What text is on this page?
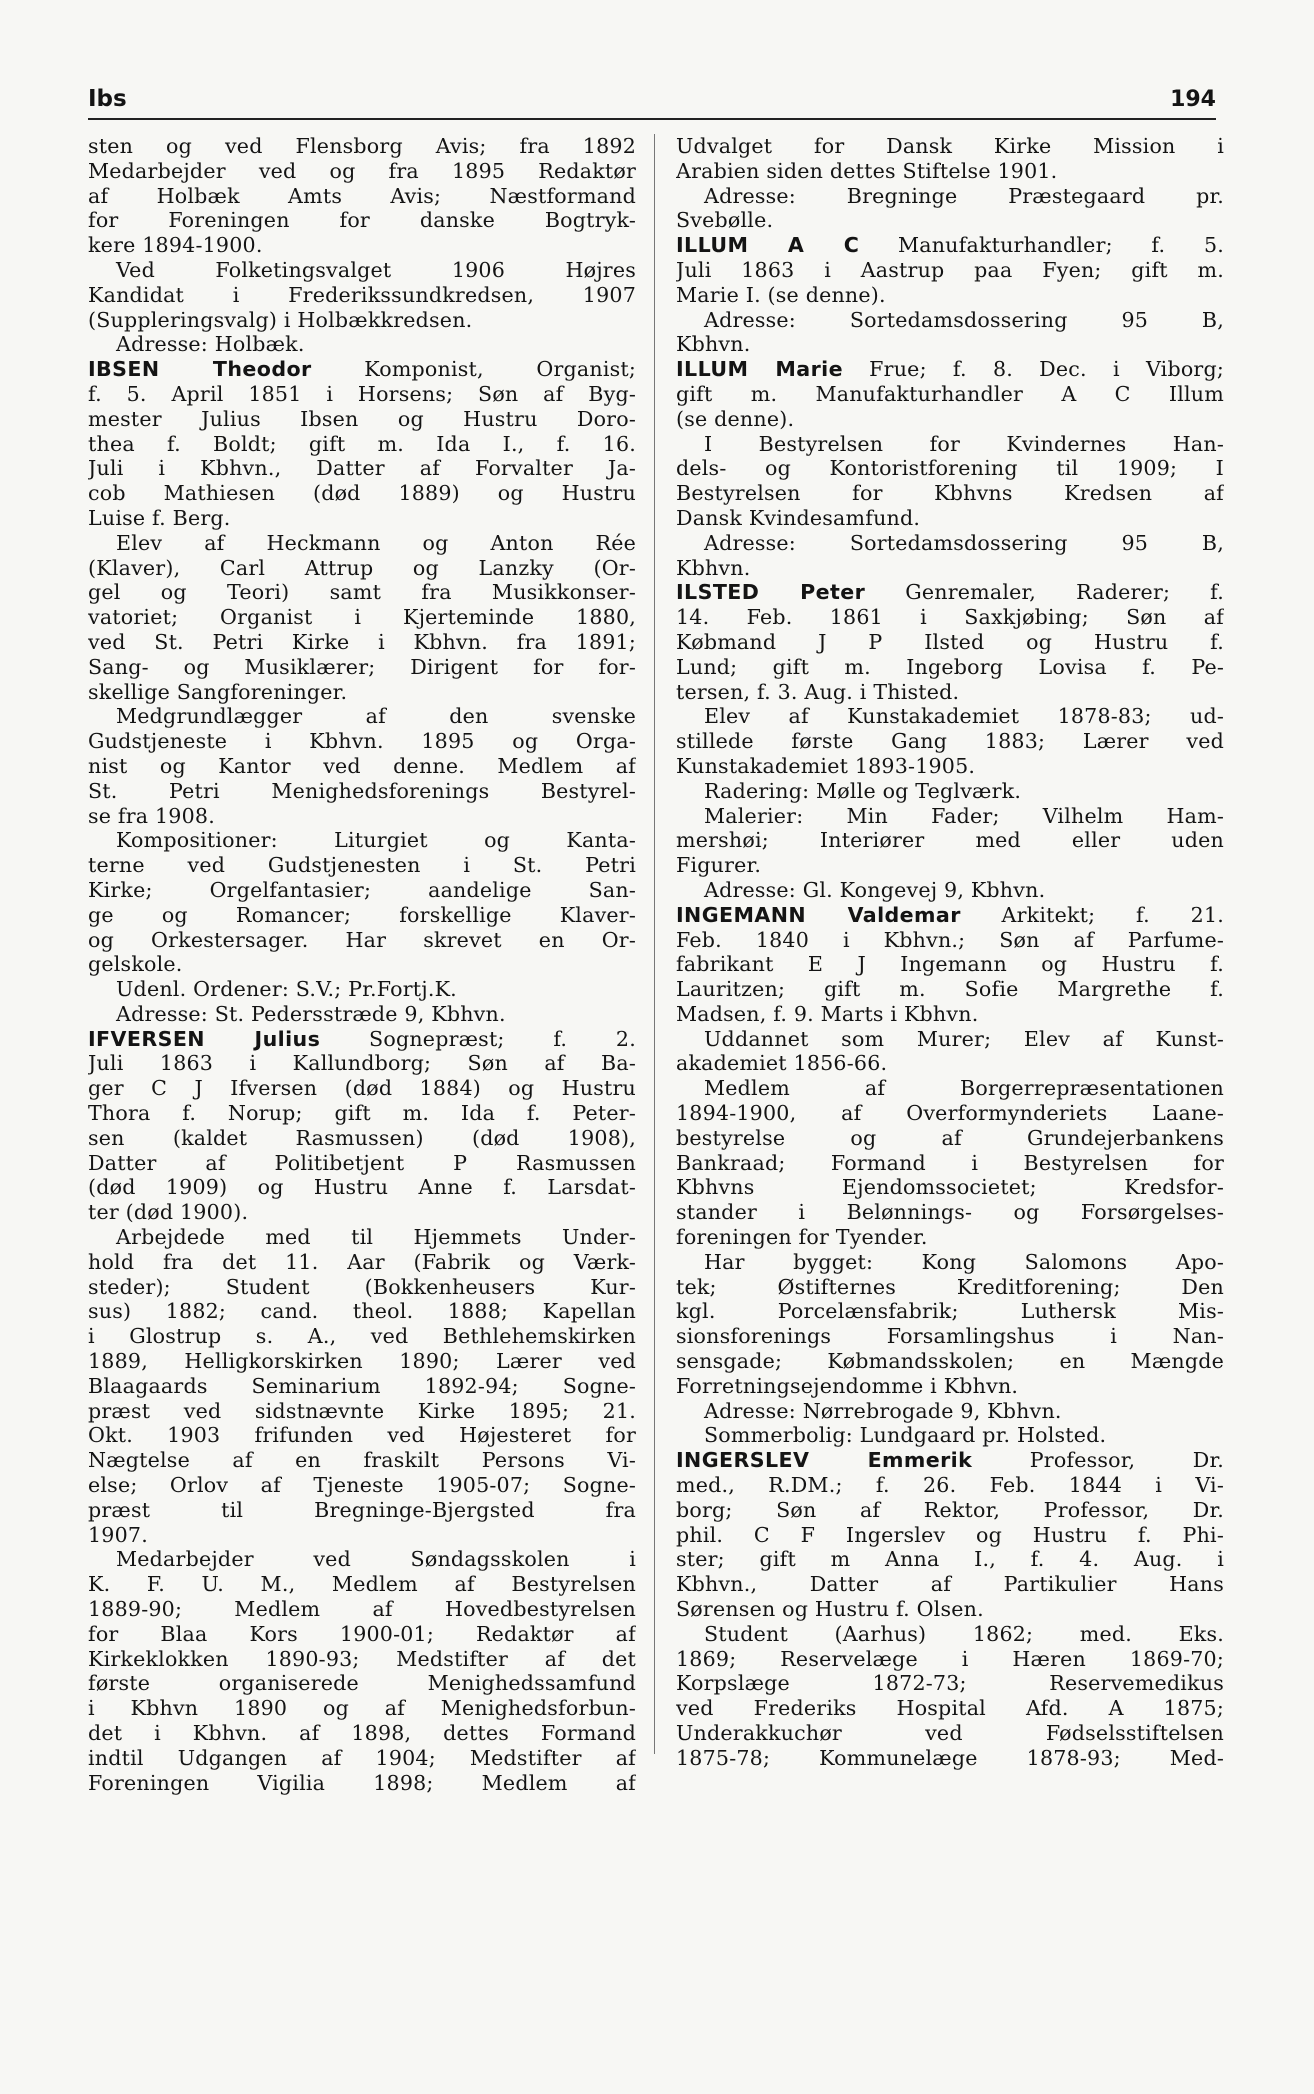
Ibs	194
sten og ved Flensborg Avis; fra 1892
Medarbejder ved og fra 1895 Redaktør
af Holbæk Amts Avis; Næstformand
for Foreningen for danske Bogtryk-
kere 1894-1900.
Ved Folketingsvalget 1906 Højres
Kandidat i Frederikssundkredsen, 1907
(Suppleringsvalg) i Holbækkredsen.
Adresse: Holbæk.
IBSEN Theodor Komponist, Organist;
f. 5. April 1851 i Horsens; Søn af Byg-
mester Julius Ibsen og Hustru Doro-
thea f. Boldt; gift m. Ida I., f. 16.
Juli i Kbhvn., Datter af Forvalter Ja-
cob Mathiesen (død 1889) og Hustru
Luise f. Berg.
Elev af Heckmann og Anton Rée
(Klaver), Carl Attrup og Lanzky (Or-
gel og Teori) samt fra Musikkonser-
vatoriet; Organist i Kjerteminde 1880,
ved St. Petri Kirke i Kbhvn. fra 1891;
Sang- og Musiklærer; Dirigent for for-
skellige Sangforeninger.
Medgrundlægger af den svenske
Gudstjeneste i Kbhvn. 1895 og Orga-
nist og Kantor ved denne. Medlem af
St. Petri Menighedsforenings Bestyrel-
se fra 1908.
Kompositioner: Liturgiet og Kanta-
terne ved Gudstjenesten i St. Petri
Kirke; Orgelfantasier; aandelige San-
ge og Romancer; forskellige Klaver-
og Orkestersager. Har skrevet en Or-
gelskole.
Udenl. Ordener: S.V.; Pr.Fortj.K.
Adresse: St. Pedersstræde 9, Kbhvn.
IFVERSEN Julius Sognepræst; f. 2.
Juli 1863 i Kallundborg; Søn af Ba-
ger C J Ifversen (død 1884) og Hustru
Thora f. Norup; gift m. Ida f. Peter-
sen (kaldet Rasmussen) (død 1908),
Datter af Politibetjent P Rasmussen
(død 1909) og Hustru Anne f. Larsdat-
ter (død 1900).
Arbejdede med til Hjemmets Under-
hold fra det 11. Aar (Fabrik og Værk-
steder); Student (Bokkenheusers Kur-
sus) 1882; cand. theol. 1888; Kapellan
i Glostrup s. A., ved Bethlehemskirken
1889, Helligkorskirken 1890; Lærer ved
Blaagaards Seminarium 1892-94; Sogne-
præst ved sidstnævnte Kirke 1895; 21.
Okt. 1903 frifunden ved Højesteret for
Nægtelse af en fraskilt Persons Vi-
else; Orlov af Tjeneste 1905-07; Sogne-
præst til Bregninge-Bjergsted fra
1907.
Medarbejder ved Søndagsskolen i
K. F. U. M., Medlem af Bestyrelsen
1889-90; Medlem af Hovedbestyrelsen
for Blaa Kors 1900-01; Redaktør af
Kirkeklokken 1890-93; Medstifter af det
første organiserede Menighedssamfund
i Kbhvn 1890 og af Menighedsforbun-
det i Kbhvn. af 1898, dettes Formand
indtil Udgangen af 1904; Medstifter af
Foreningen Vigilia 1898; Medlem af
Udvalget for Dansk Kirke Mission i
Arabien siden dettes Stiftelse 1901.
Adresse: Bregninge Præstegaard pr.
Svebølle.
ILLUM A C Manufakturhandler; f. 5.
Juli 1863 i Aastrup paa Fyen; gift m.
Marie I. (se denne).
Adresse: Sortedamsdossering 95 B,
Kbhvn.
ILLUM Marie Frue; f. 8. Dec. i Viborg;
gift m. Manufakturhandler A C Illum
(se denne).
I Bestyrelsen for Kvindernes Han-
dels- og Kontoristforening til 1909; I
Bestyrelsen for Kbhvns Kredsen af
Dansk Kvindesamfund.
Adresse: Sortedamsdossering 95 B,
Kbhvn.
ILSTED Peter Genremaler, Raderer; f.
14. Feb. 1861 i Saxkjøbing; Søn af
Købmand J P Ilsted og Hustru f.
Lund; gift m. Ingeborg Lovisa f. Pe-
tersen, f. 3. Aug. i Thisted.
Elev af Kunstakademiet 1878-83; ud-
stillede første Gang 1883; Lærer ved
Kunstakademiet 1893-1905.
Radering: Mølle og Teglværk.
Malerier: Min Fader; Vilhelm Ham-
mershøi; Interiører med eller uden
Figurer.
Adresse: Gl. Kongevej 9, Kbhvn.
INGEMANN Valdemar Arkitekt; f. 21.
Feb. 1840 i Kbhvn.; Søn af Parfume-
fabrikant E J Ingemann og Hustru f.
Lauritzen; gift m. Sofie Margrethe f.
Madsen, f. 9. Marts i Kbhvn.
Uddannet som Murer; Elev af Kunst-
akademiet 1856-66.
Medlem af Borgerrepræsentationen
1894-1900, af Overformynderiets Laane-
bestyrelse og af Grundejerbankens
Bankraad; Formand i Bestyrelsen for
Kbhvns Ejendomssocietet; Kredsfor-
stander i Belønnings- og Forsørgelses-
foreningen for Tyender.
Har bygget: Kong Salomons Apo-
tek; Østifternes Kreditforening; Den
kgl. Porcelænsfabrik; Luthersk Mis-
sionsforenings Forsamlingshus i Nan-
sensgade; Købmandsskolen; en Mængde
Forretningsejendomme i Kbhvn.
Adresse: Nørrebrogade 9, Kbhvn.
Sommerbolig: Lundgaard pr. Holsted.
INGERSLEV Emmerik Professor, Dr.
med., R.DM.; f. 26. Feb. 1844 i Vi-
borg; Søn af Rektor, Professor, Dr.
phil. C F Ingerslev og Hustru f. Phi-
ster; gift m Anna I., f. 4. Aug. i
Kbhvn., Datter af Partikulier Hans
Sørensen og Hustru f. Olsen.
Student (Aarhus) 1862; med. Eks.
1869; Reservelæge i Hæren 1869-70;
Korpslæge 1872-73; Reservemedikus
ved Frederiks Hospital Afd. A 1875;
Underakkuchør ved Fødselsstiftelsen
1875-78; Kommunelæge 1878-93; Med-
